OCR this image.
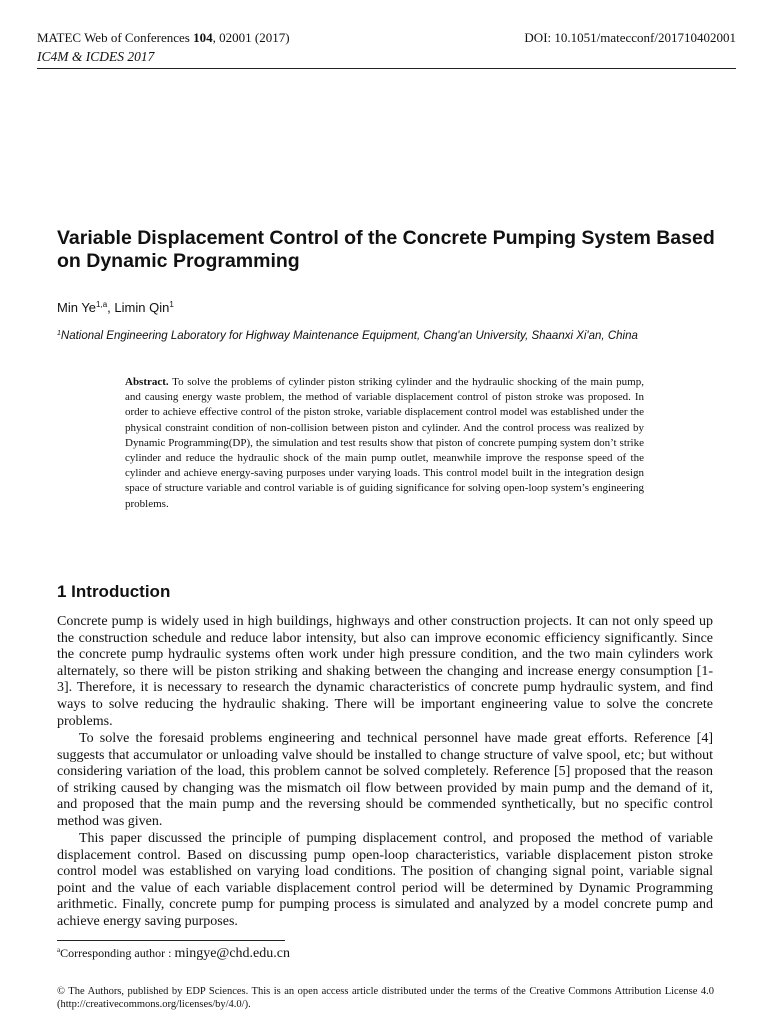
MATEC Web of Conferences 104, 02001 (2017)	DOI: 10.1051/matecconf/201710402001
IC4M & ICDES 2017
Variable Displacement Control of the Concrete Pumping System Based on Dynamic Programming
Min Ye$^{1,a}$, Limin Qin$^1$
$^1$National Engineering Laboratory for Highway Maintenance Equipment, Chang'an University, Shaanxi Xi'an, China
Abstract. To solve the problems of cylinder piston striking cylinder and the hydraulic shocking of the main pump, and causing energy waste problem, the method of variable displacement control of piston stroke was proposed. In order to achieve effective control of the piston stroke, variable displacement control model was established under the physical constraint condition of non-collision between piston and cylinder. And the control process was realized by Dynamic Programming(DP), the simulation and test results show that piston of concrete pumping system don’t strike cylinder and reduce the hydraulic shock of the main pump outlet, meanwhile improve the response speed of the cylinder and achieve energy-saving purposes under varying loads. This control model built in the integration design space of structure variable and control variable is of guiding significance for solving open-loop system’s engineering problems.
1 Introduction

Concrete pump is widely used in high buildings, highways and other construction projects. It can not only speed up the construction schedule and reduce labor intensity, but also can improve economic efficiency significantly. Since the concrete pump hydraulic systems often work under high pressure condition, and the two main cylinders work alternately, so there will be piston striking and shaking between the changing and increase energy consumption [1-3]. Therefore, it is necessary to research the dynamic characteristics of concrete pump hydraulic system, and find ways to solve reducing the hydraulic shaking. There will be important engineering value to solve the concrete problems.

To solve the foresaid problems engineering and technical personnel have made great efforts. Reference [4] suggests that accumulator or unloading valve should be installed to change structure of valve spool, etc; but without considering variation of the load, this problem cannot be solved completely. Reference [5] proposed that the reason of striking caused by changing was the mismatch oil flow between provided by main pump and the demand of it, and proposed that the main pump and the reversing should be commended synthetically, but no specific control method was given.

This paper discussed the principle of pumping displacement control, and proposed the method of variable displacement control. Based on discussing pump open-loop characteristics, variable displacement piston stroke control model was established on varying load conditions. The position of changing signal point, variable signal point and the value of each variable displacement control period will be determined by Dynamic Programming arithmetic. Finally, concrete pump for pumping process is simulated and analyzed by a model concrete pump and achieve energy saving purposes.

$^a$Corresponding author : mingye@chd.edu.cn
© The Authors, published by EDP Sciences. This is an open access article distributed under the terms of the Creative Commons Attribution License 4.0 (http://creativecommons.org/licenses/by/4.0/).
